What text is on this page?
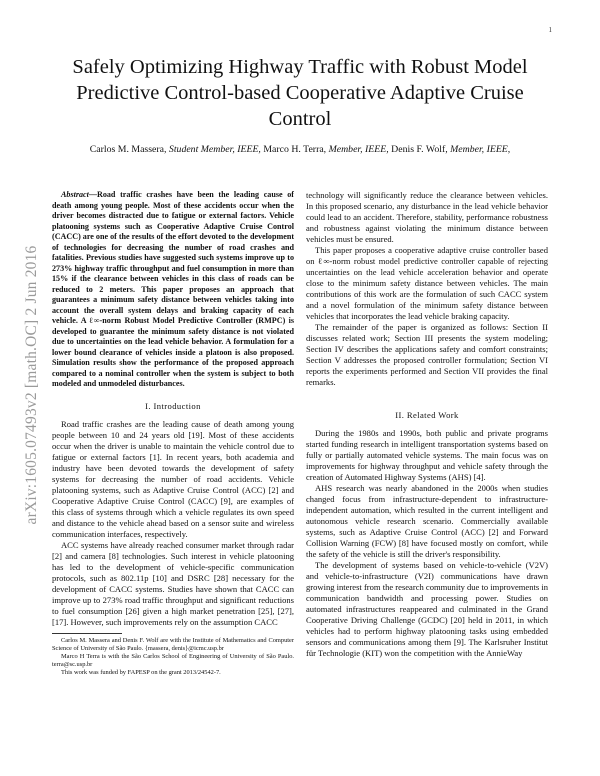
1
arXiv:1605.07493v2 [math.OC] 2 Jun 2016
Safely Optimizing Highway Traffic with Robust Model Predictive Control-based Cooperative Adaptive Cruise Control
Carlos M. Massera, Student Member, IEEE, Marco H. Terra, Member, IEEE, Denis F. Wolf, Member, IEEE,
Abstract—Road traffic crashes have been the leading cause of death among young people. Most of these accidents occur when the driver becomes distracted due to fatigue or external factors. Vehicle platooning systems such as Cooperative Adaptive Cruise Control (CACC) are one of the results of the effort devoted to the development of technologies for decreasing the number of road crashes and fatalities. Previous studies have suggested such systems improve up to 273% highway traffic throughput and fuel consumption in more than 15% if the clearance between vehicles in this class of roads can be reduced to 2 meters. This paper proposes an approach that guarantees a minimum safety distance between vehicles taking into account the overall system delays and braking capacity of each vehicle. A ℓ∞-norm Robust Model Predictive Controller (RMPC) is developed to guarantee the minimum safety distance is not violated due to uncertainties on the lead vehicle behavior. A formulation for a lower bound clearance of vehicles inside a platoon is also proposed. Simulation results show the performance of the proposed approach compared to a nominal controller when the system is subject to both modeled and unmodeled disturbances.
I. Introduction

Road traffic crashes are the leading cause of death among young people between 10 and 24 years old [19]. Most of these accidents occur when the driver is unable to maintain the vehicle control due to fatigue or external factors [1]. In recent years, both academia and industry have been devoted towards the development of safety systems for decreasing the number of road accidents. Vehicle platooning systems, such as Adaptive Cruise Control (ACC) [2] and Cooperative Adaptive Cruise Control (CACC) [9], are examples of this class of systems through which a vehicle regulates its own speed and distance to the vehicle ahead based on a sensor suite and wireless communication interfaces, respectively.

ACC systems have already reached consumer market through radar [2] and camera [8] technologies. Such interest in vehicle platooning has led to the development of vehicle-specific communication protocols, such as 802.11p [10] and DSRC [28] necessary for the development of CACC systems. Studies have shown that CACC can improve up to 273% road traffic throughput and significant reductions to fuel consumption [26] given a high market penetration [25], [27], [17]. However, such improvements rely on the assumption CACC

Carlos M. Massera and Denis F. Wolf are with the Institute of Mathematics and Computer Science of University of São Paulo. {massera, denis}@icmc.usp.br
Marco H Terra is with the São Carlos School of Engineering of University of São Paulo. terra@sc.usp.br
This work was funded by FAPESP on the grant 2013/24542-7.

technology will significantly reduce the clearance between vehicles. In this proposed scenario, any disturbance in the lead vehicle behavior could lead to an accident. Therefore, stability, performance robustness and robustness against violating the minimum distance between vehicles must be ensured.

This paper proposes a cooperative adaptive cruise controller based on ℓ∞-norm robust model predictive controller capable of rejecting uncertainties on the lead vehicle acceleration behavior and operate close to the minimum safety distance between vehicles. The main contributions of this work are the formulation of such CACC system and a novel formulation of the minimum safety distance between vehicles that incorporates the lead vehicle braking capacity.

The remainder of the paper is organized as follows: Section II discusses related work; Section III presents the system modeling; Section IV describes the applications safety and comfort constraints; Section V addresses the proposed controller formulation; Section VI reports the experiments performed and Section VII provides the final remarks.

II. Related Work

During the 1980s and 1990s, both public and private programs started funding research in intelligent transportation systems based on fully or partially automated vehicle systems. The main focus was on improvements for highway throughput and vehicle safety through the creation of Automated Highway Systems (AHS) [4].

AHS research was nearly abandoned in the 2000s when studies changed focus from infrastructure-dependent to infrastructure-independent automation, which resulted in the current intelligent and autonomous vehicle research scenario. Commercially available systems, such as Adaptive Cruise Control (ACC) [2] and Forward Collision Warning (FCW) [8] have focused mostly on comfort, while the safety of the vehicle is still the driver's responsibility.

The development of systems based on vehicle-to-vehicle (V2V) and vehicle-to-infrastructure (V2I) communications have drawn growing interest from the research community due to improvements in communication bandwidth and processing power. Studies on automated infrastructures reappeared and culminated in the Grand Cooperative Driving Challenge (GCDC) [20] held in 2011, in which vehicles had to perform highway platooning tasks using embedded sensors and communications among them [9]. The Karlsruher Institut für Technologie (KIT) won the competition with the AnnieWay
